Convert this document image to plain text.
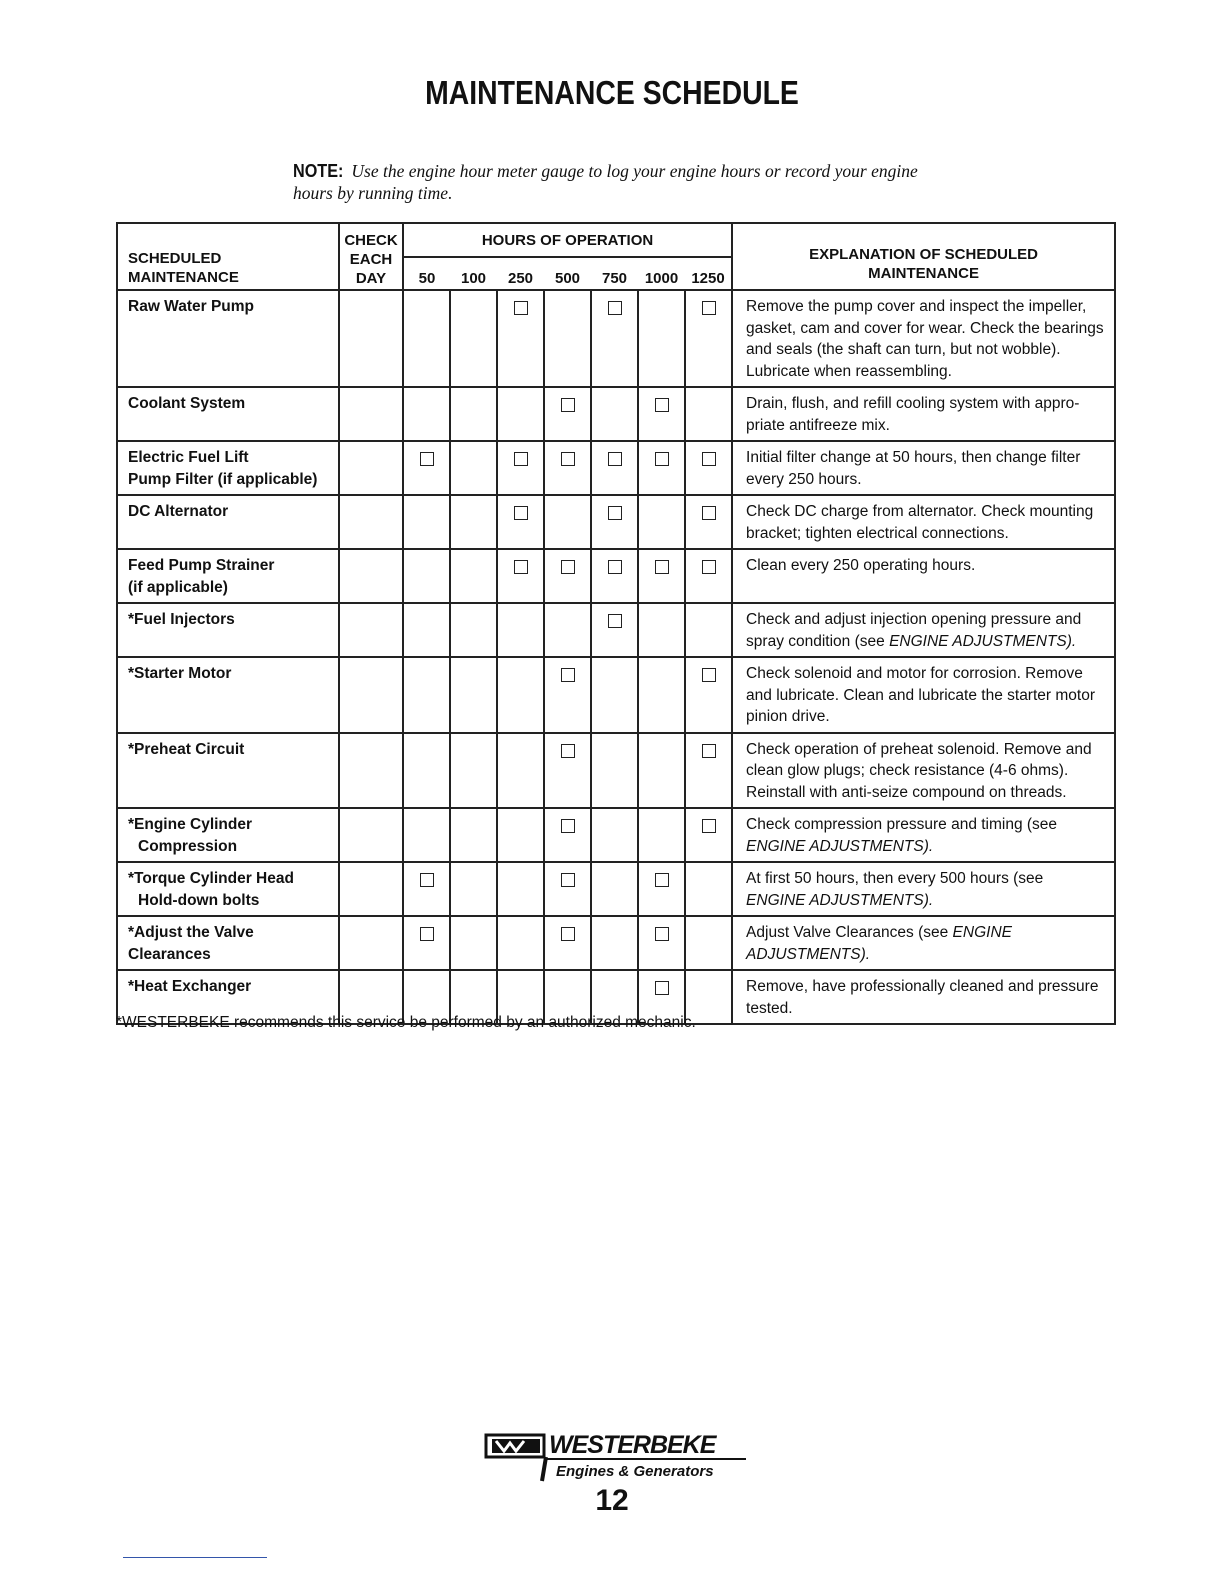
MAINTENANCE SCHEDULE
NOTE: Use the engine hour meter gauge to log your engine hours or record your engine hours by running time.
SCHEDULED
MAINTENANCE	CHECK
EACH
DAY	HOURS OF OPERATION							EXPLANATION OF SCHEDULED
MAINTENANCE
		50	100	250	500	750	1000	1250	
Raw Water Pump									Remove the pump cover and inspect the impeller, gasket, cam and cover for wear. Check the bearings and seals (the shaft can turn, but not wobble). Lubricate when reassembling.
Coolant System									Drain, flush, and refill cooling system with appro-priate antifreeze mix.
Electric Fuel Lift
Pump Filter (if applicable)									Initial filter change at 50 hours, then change filter every 250 hours.
DC Alternator									Check DC charge from alternator. Check mounting bracket; tighten electrical connections.
Feed Pump Strainer
(if applicable)									Clean every 250 operating hours.
*Fuel Injectors									Check and adjust injection opening pressure and spray condition (see ENGINE ADJUSTMENTS).
*Starter Motor									Check solenoid and motor for corrosion. Remove and lubricate. Clean and lubricate the starter motor pinion drive.
*Preheat Circuit									Check operation of preheat solenoid. Remove and clean glow plugs; check resistance (4-6 ohms). Reinstall with anti-seize compound on threads.
*Engine Cylinder
Compression									Check compression pressure and timing (see ENGINE ADJUSTMENTS).
*Torque Cylinder Head
Hold-down bolts									At first 50 hours, then every 500 hours (see ENGINE ADJUSTMENTS).
*Adjust the Valve Clearances									Adjust Valve Clearances (see ENGINE ADJUSTMENTS).
*Heat Exchanger									Remove, have professionally cleaned and pressure tested.
*WESTERBEKE recommends this service be performed by an authorized mechanic.
WESTERBEKE
Engines & Generators
12
